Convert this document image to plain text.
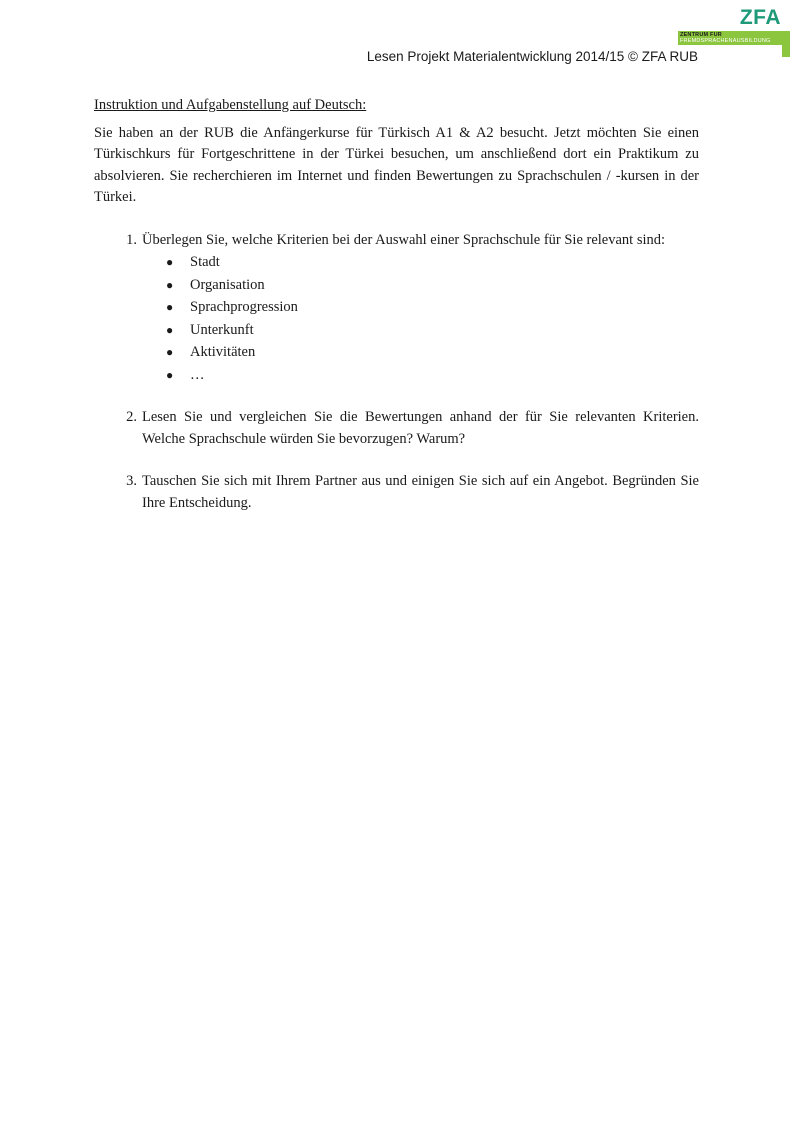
ZFA
ZENTRUM FÜR
FREMDSPRACHENAUSBILDUNG
Lesen Projekt Materialentwicklung 2014/15 © ZFA RUB

Instruktion und Aufgabenstellung auf Deutsch:

Sie haben an der RUB die Anfängerkurse für Türkisch A1 & A2 besucht. Jetzt möchten Sie einen Türkischkurs für Fortgeschrittene in der Türkei besuchen, um anschließend dort ein Praktikum zu absolvieren. Sie recherchieren im Internet und finden Bewertungen zu Sprachschulen / -kursen in der Türkei.

1. Überlegen Sie, welche Kriterien bei der Auswahl einer Sprachschule für Sie relevant sind:
●	Stadt
●	Organisation
●	Sprachprogression
●	Unterkunft
●	Aktivitäten
●	…
2. Lesen Sie und vergleichen Sie die Bewertungen anhand der für Sie relevanten Kriterien. Welche Sprachschule würden Sie bevorzugen? Warum?
3. Tauschen Sie sich mit Ihrem Partner aus und einigen Sie sich auf ein Angebot. Begründen Sie Ihre Entscheidung.
